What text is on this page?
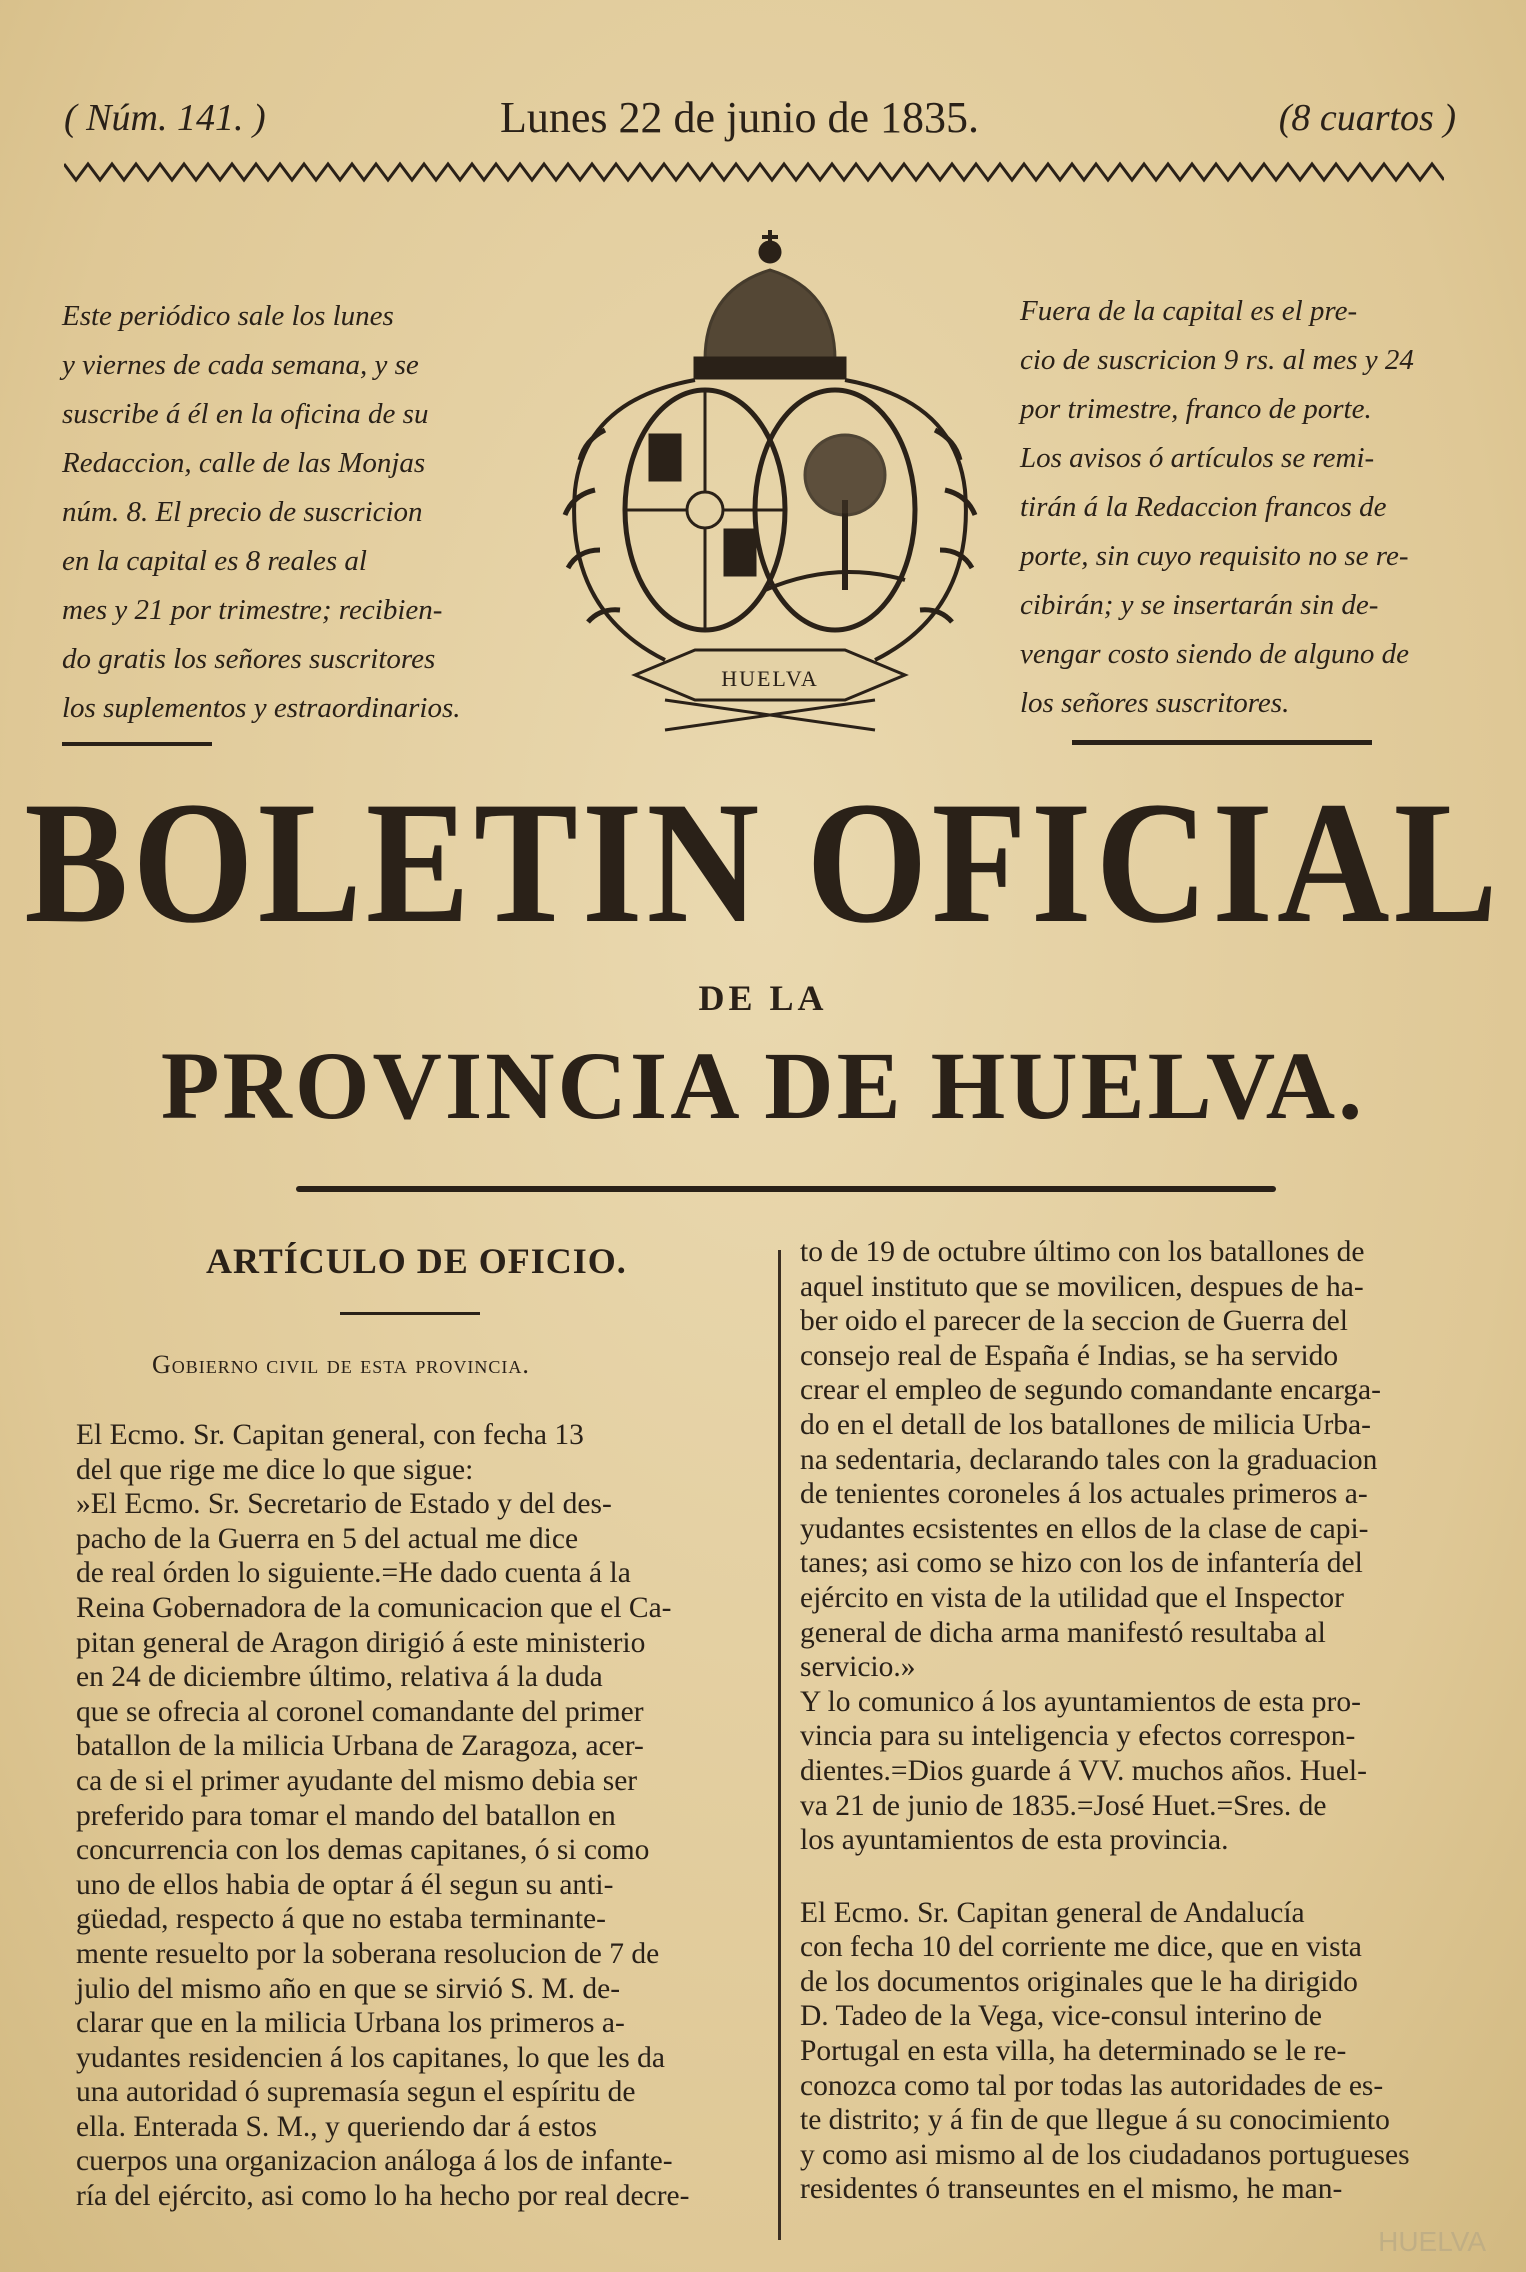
( Núm. 141. )	Lunes 22 de junio de 1835.	(8 cuartos )

Este periódico sale los lunes

y viernes de cada semana, y se

suscribe á él en la oficina de su

Redaccion, calle de las Monjas

núm. 8. El precio de suscricion

en la capital es 8 reales al

mes y 21 por trimestre; recibien-

do gratis los señores suscritores

los suplementos y estraordinarios.

Fuera de la capital es el pre-

cio de suscricion 9 rs. al mes y 24

por trimestre, franco de porte.

Los avisos ó artículos se remi-

tirán á la Redaccion francos de

porte, sin cuyo requisito no se re-

cibirán; y se insertarán sin de-

vengar costo siendo de alguno de

los señores suscritores.

HUELVA
BOLETIN OFICIAL
DE LA
PROVINCIA DE HUELVA.
ARTÍCULO DE OFICIO.
Gobierno civil de esta provincia.

El Ecmo. Sr. Capitan general, con fecha 13

del que rige me dice lo que sigue:

»El Ecmo. Sr. Secretario de Estado y del des-

pacho de la Guerra en 5 del actual me dice

de real órden lo siguiente.=He dado cuenta á la

Reina Gobernadora de la comunicacion que el Ca-

pitan general de Aragon dirigió á este ministerio

en 24 de diciembre último, relativa á la duda

que se ofrecia al coronel comandante del primer

batallon de la milicia Urbana de Zaragoza, acer-

ca de si el primer ayudante del mismo debia ser

preferido para tomar el mando del batallon en

concurrencia con los demas capitanes, ó si como

uno de ellos habia de optar á él segun su anti-

güedad, respecto á que no estaba terminante-

mente resuelto por la soberana resolucion de 7 de

julio del mismo año en que se sirvió S. M. de-

clarar que en la milicia Urbana los primeros a-

yudantes residencien á los capitanes, lo que les da

una autoridad ó supremasía segun el espíritu de

ella. Enterada S. M., y queriendo dar á estos

cuerpos una organizacion análoga á los de infante-

ría del ejército, asi como lo ha hecho por real decre-

to de 19 de octubre último con los batallones de

aquel instituto que se movilicen, despues de ha-

ber oido el parecer de la seccion de Guerra del

consejo real de España é Indias, se ha servido

crear el empleo de segundo comandante encarga-

do en el detall de los batallones de milicia Urba-

na sedentaria, declarando tales con la graduacion

de tenientes coroneles á los actuales primeros a-

yudantes ecsistentes en ellos de la clase de capi-

tanes; asi como se hizo con los de infantería del

ejército en vista de la utilidad que el Inspector

general de dicha arma manifestó resultaba al

servicio.»

Y lo comunico á los ayuntamientos de esta pro-

vincia para su inteligencia y efectos correspon-

dientes.=Dios guarde á VV. muchos años. Huel-

va 21 de junio de 1835.=José Huet.=Sres. de

los ayuntamientos de esta provincia.

El Ecmo. Sr. Capitan general de Andalucía

con fecha 10 del corriente me dice, que en vista

de los documentos originales que le ha dirigido

D. Tadeo de la Vega, vice-consul interino de

Portugal en esta villa, ha determinado se le re-

conozca como tal por todas las autoridades de es-

te distrito; y á fin de que llegue á su conocimiento

y como asi mismo al de los ciudadanos portugueses

residentes ó transeuntes en el mismo, he man-

HUELVA
